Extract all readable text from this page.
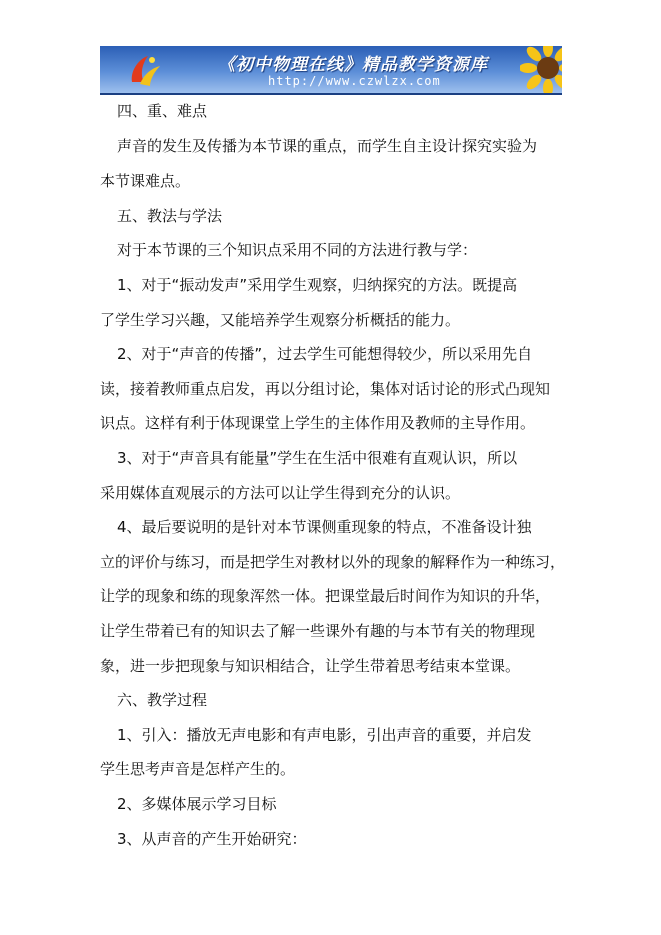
《初中物理在线》精品教学资源库
http://www.czwlzx.com
四、重、难点
声音的发生及传播为本节课的重点，而学生自主设计探究实验为
本节课难点。
五、教法与学法
对于本节课的三个知识点采用不同的方法进行教与学：
1、对于“振动发声”采用学生观察，归纳探究的方法。既提高
了学生学习兴趣，又能培养学生观察分析概括的能力。
2、对于“声音的传播”，过去学生可能想得较少，所以采用先自
读，接着教师重点启发，再以分组讨论，集体对话讨论的形式凸现知
识点。这样有利于体现课堂上学生的主体作用及教师的主导作用。
3、对于“声音具有能量”学生在生活中很难有直观认识，所以
采用媒体直观展示的方法可以让学生得到充分的认识。
4、最后要说明的是针对本节课侧重现象的特点，不准备设计独
立的评价与练习，而是把学生对教材以外的现象的解释作为一种练习，
让学的现象和练的现象浑然一体。把课堂最后时间作为知识的升华，
让学生带着已有的知识去了解一些课外有趣的与本节有关的物理现
象，进一步把现象与知识相结合，让学生带着思考结束本堂课。
六、教学过程
1、引入：播放无声电影和有声电影，引出声音的重要，并启发
学生思考声音是怎样产生的。
2、多媒体展示学习目标
3、从声音的产生开始研究：
